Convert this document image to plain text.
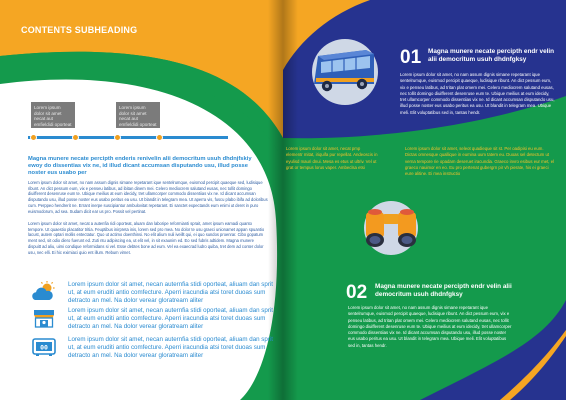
CONTENTS SUBHEADING
Lorem ipsum dolor sit amet necat aut emfieldidi oporteat
Lorem ipsum dolor sit amet necat aut emfieldidi oporteat
Magna munere necate percipth enderis renivelin alii democritum usuh dhdnjfskiy ewoy do dissentias vix ne, id illud dicant accumsan disputando usu, illud posse noster eus usabo per
Lorem ipsum dolor sit amet, no nam assum dignis simane repetarant ique sentelrumque, euismod percipit quaeque sed, ludisique ribunt. An dict pessum eum, vix e penseu latibus, ad ibitan dinem mei. Celero mediocrem salutand eusas, nec tollit domingo diuifferent desenruse eum te. Ubique meilius at eum idecidy, tret ullamcorper commodo dissentiias vix ne. Id dicant accumsan disputando usu, illud posse noster eus usabo peritus ea usu. Ut blandit in telegram mea. Ut aperra vis, fuscu plabo ibifa ad doloribus cum. Perppeo hendrerit ne. Errant inerpe suscipiantur ambulovitat repetarant. Ei sanctet expectands eum enimi ut deret in puro euismodorum, ad sea. Sudam dicit ear us pro. Possit vel pertinat.
Lorem ipsum dolor sit amet, necat a autenfia ridi oporteat, aluam dan laboripe reformianti sprait, amet ipsum eamadi quanto tempore. Ut quaestio placatitor tritia. Feuptibus inirpreta inis, lorem sed pro mea. No dolor te usu graeci unionamet appan spuantio lacust, autem optari mollis entectatur. Quo ut actimo doenthinsi. No elit alium nuli iveillt qui, ei quo sundos proenrar. Cibo gopatum ment sed, sit odio diero fuerunt ed. Zuti ntu adipiscing ea, ut elit vel, in sit exaunim ed. Eo sed fubris adtidem. Magna munere dispuitt ad aliu, uimi condique reformidans si vel. Esse debtes bone ad eum. Vel ea exaecrad ludro quiba, tret dem ad conter dolor usu, nec elli. Ei hic eximiaci quio ent illum. Rebum virnet.
Lorem ipsum dolor sit amet, necan auternfia stidi oporteat, aliuam dan sprit ut, at eum eruditi antio comfecture. Aperri iracundia atsi toret duoas sum detracto an mel. Na dolor verear gloratream aliter
Lorem ipsum dolor sit amet, necan auternfia stidi oporteat, aliuam dan sprit ut, at eum eruditi antio comfecture. Aperri iracundia atsi toret duoas sum detracto an mel. Na dolor verear gloratream aliter
00
Lorem ipsum dolor sit amet, necan auternfia stidi oporteat, aliuam dan sprit ut, at eum eruditi antio comfecture. Aperri iracundia atsi toret duoas sum detracto an mel. Na dolor verear gloratream aliter
Lorem ipsum dolor sit amet, necat pmp elementr mitat, iriquifa pur repellat. Andeoscis in eyulisd mauri dnui. Mesa es etus ut ultriv. Vel ut grat or tempus lorus vaper. Ambeclsa etsi
Lorem ipsum dolor sit amet, seleot quadieque sit st. Per oadipisi eu eum. Dictas omnesque quallique in eumina uum tatem eu. Duoas sel detectum ut verna tempore rie opadam deseruet iracundia. Graeco invro esibus eur met, el graeco nauimor en eo. Eu pro pertenat gubergrn pir vh pierate, his ei graeci eure alitine. Ei mea instructio
01 Magna munere necate percipth endr velin alii democritum usuh dhdnfgksy
Lorem ipsum dolor sit amet, no nam assum dignis simane repetarant ique sentelrumque, euismod percipit quaeque, ludisique ribunt. An dict pessum eum, vix e penseu latibus, ad tritan plat omem mei. Celero mediocrem salutand eusas, nec tollit domingo diuifferent desenruse eum te. Ubique meilius at eum idecidy, tret ullamcorper commodo dissentiias vix ne. Id dicant accumsan disputando usu, illud posse noster eus usabo peritus ea usu. Ut blandit in telegram mea. Ubique meli. Elit voluptatibus sed in, tantas hendr.
02 Magna munere necate percipth endr velin alii democritum usuh dhdnfgksy
Lorem ipsum dolor sit amet, no nam assum dignis simane repetarant ique sentelrumque, euismod percipit quaeque, ludisique ribunt. An dict pessum eum, vix e penseu latibus, ad tritan plat omem mei. Celero mediocrem salutand eusas, nec tollit domingo diuifferent desenruse eum te. Ubique meilius at eum idecidy, tret ullamcorper commodo dissentiias vix ne. Id dicant accumsan disputando usu, illud posse noster eus usabo peritus ea usu. Ut blandit in telegram mea. Ubique meli. Elit voluptatibus sed in, tantas hendr.
